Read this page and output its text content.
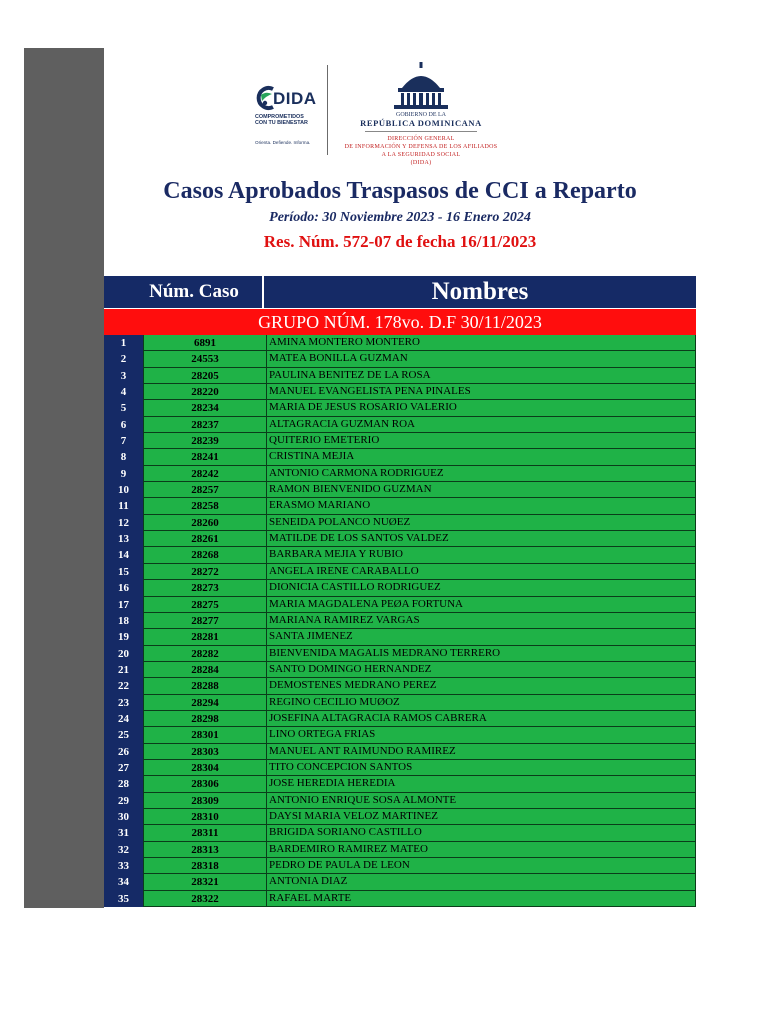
DIDA
COMPROMETIDOS
CON TU BIENESTAR
Orienta. Defiende. Informa.
GOBIERNO DE LA
REPÚBLICA DOMINICANA
DIRECCIÓN GENERAL
DE INFORMACIÓN Y DEFENSA DE LOS AFILIADOS
A LA SEGURIDAD SOCIAL
(DIDA)
Casos Aprobados Traspasos de CCI a Reparto
Período: 30 Noviembre 2023 - 16 Enero 2024
Res. Núm. 572-07 de fecha 16/11/2023
Núm. Caso	Nombres
GRUPO NÚM. 178vo. D.F 30/11/2023
1	6891	AMINA MONTERO MONTERO
2	24553	MATEA BONILLA GUZMAN
3	28205	PAULINA BENITEZ DE LA ROSA
4	28220	MANUEL EVANGELISTA PENA PINALES
5	28234	MARIA DE JESUS ROSARIO VALERIO
6	28237	ALTAGRACIA GUZMAN ROA
7	28239	QUITERIO EMETERIO
8	28241	CRISTINA MEJIA
9	28242	ANTONIO CARMONA RODRIGUEZ
10	28257	RAMON BIENVENIDO GUZMAN
11	28258	ERASMO MARIANO
12	28260	SENEIDA POLANCO NUØEZ
13	28261	MATILDE DE LOS SANTOS VALDEZ
14	28268	BARBARA MEJIA Y RUBIO
15	28272	ANGELA IRENE CARABALLO
16	28273	DIONICIA CASTILLO RODRIGUEZ
17	28275	MARIA MAGDALENA PEØA FORTUNA
18	28277	MARIANA RAMIREZ VARGAS
19	28281	SANTA JIMENEZ
20	28282	BIENVENIDA MAGALIS MEDRANO TERRERO
21	28284	SANTO DOMINGO HERNANDEZ
22	28288	DEMOSTENES MEDRANO PEREZ
23	28294	REGINO CECILIO MUØOZ
24	28298	JOSEFINA ALTAGRACIA RAMOS CABRERA
25	28301	LINO ORTEGA FRIAS
26	28303	MANUEL ANT RAIMUNDO RAMIREZ
27	28304	TITO CONCEPCION SANTOS
28	28306	JOSE HEREDIA HEREDIA
29	28309	ANTONIO ENRIQUE SOSA ALMONTE
30	28310	DAYSI MARIA VELOZ MARTINEZ
31	28311	BRIGIDA SORIANO CASTILLO
32	28313	BARDEMIRO RAMIREZ MATEO
33	28318	PEDRO DE PAULA DE LEON
34	28321	ANTONIA DIAZ
35	28322	RAFAEL MARTE
